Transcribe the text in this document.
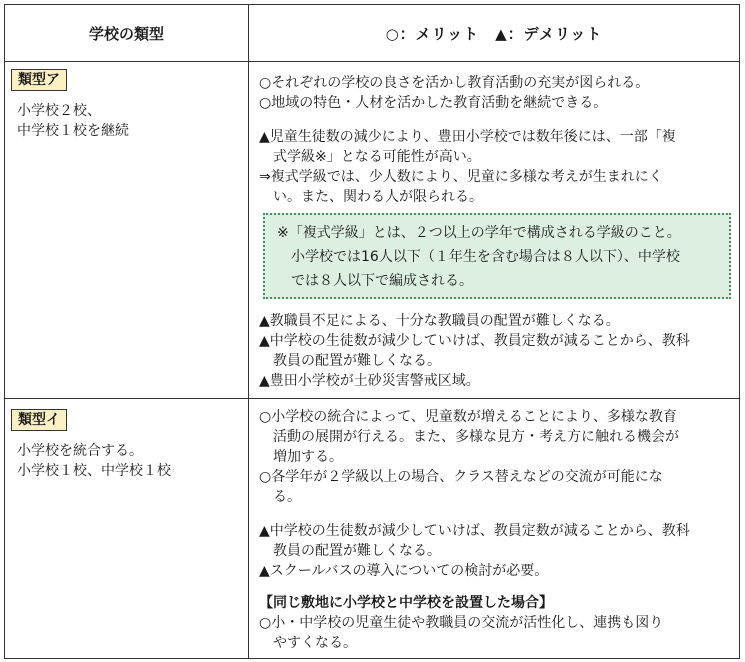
学校の類型	○：メリット　▲：デメリット
類型ア
小学校２校、
中学校１校を継続
○それぞれの学校の良さを活かし教育活動の充実が図られる。
○地域の特色・人材を活かした教育活動を継続できる。
▲児童生徒数の減少により、豊田小学校では数年後には、一部「複
　式学級※」となる可能性が高い。
⇒複式学級では、少人数により、児童に多様な考えが生まれにく
　い。また、関わる人が限られる。
※「複式学級」とは、２つ以上の学年で構成される学級のこと。
小学校では16人以下（１年生を含む場合は８人以下）、中学校
では８人以下で編成される。
▲教職員不足による、十分な教職員の配置が難しくなる。
▲中学校の生徒数が減少していけば、教員定数が減ることから、教科
　教員の配置が難しくなる。
▲豊田小学校が土砂災害警戒区域。
類型イ
小学校を統合する。
小学校１校、中学校１校
○小学校の統合によって、児童数が増えることにより、多様な教育
　活動の展開が行える。また、多様な見方・考え方に触れる機会が
　増加する。
○各学年が２学級以上の場合、クラス替えなどの交流が可能にな
　る。
▲中学校の生徒数が減少していけば、教員定数が減ることから、教科
　教員の配置が難しくなる。
▲スクールバスの導入についての検討が必要。
【同じ敷地に小学校と中学校を設置した場合】
○小・中学校の児童生徒や教職員の交流が活性化し、連携も図り
　やすくなる。
